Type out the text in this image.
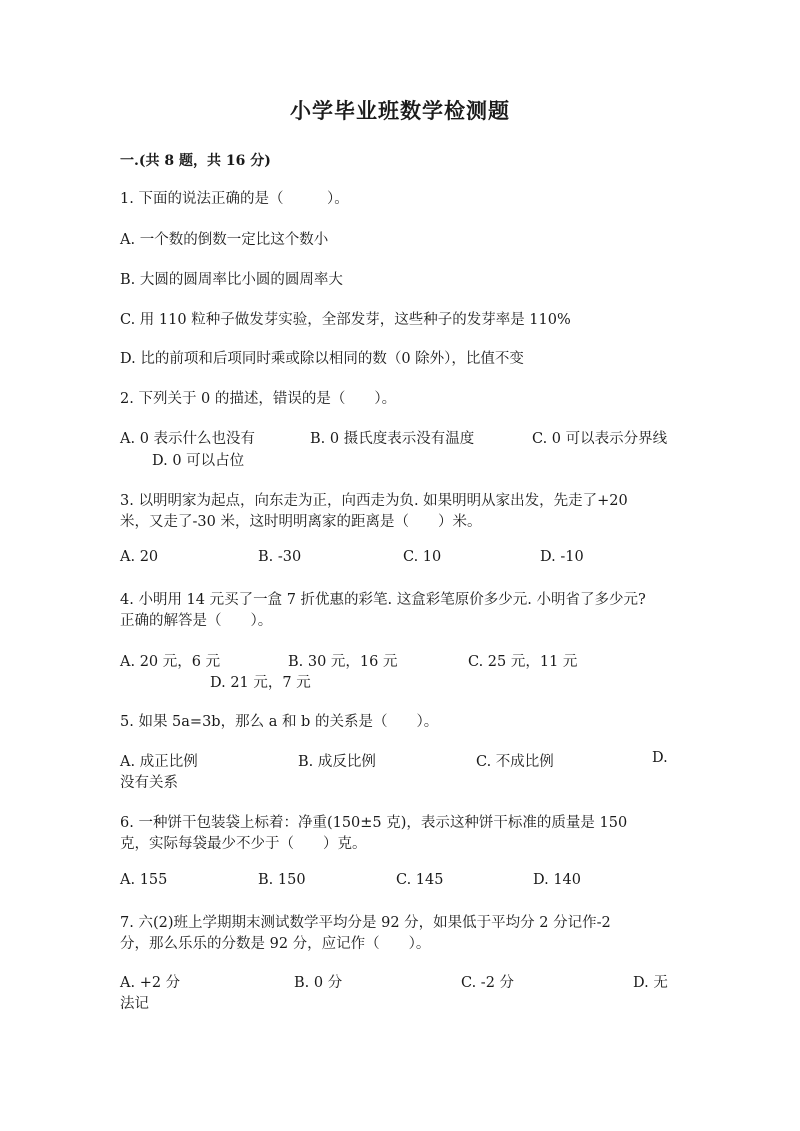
小学毕业班数学检测题
一.(共 8 题，共 16 分)
1. 下面的说法正确的是（　　　）。
A. 一个数的倒数一定比这个数小
B. 大圆的圆周率比小圆的圆周率大
C. 用 110 粒种子做发芽实验，全部发芽，这些种子的发芽率是 110%
D. 比的前项和后项同时乘或除以相同的数（0 除外），比值不变
2. 下列关于 0 的描述，错误的是（　　）。
A. 0 表示什么也没有	B. 0 摄氏度表示没有温度	C. 0 可以表示分界线
D. 0 可以占位
3. 以明明家为起点，向东走为正，向西走为负. 如果明明从家出发，先走了+20
米，又走了-30 米，这时明明离家的距离是（　　）米。
A. 20	B. -30	C. 10	D. -10
4. 小明用 14 元买了一盒 7 折优惠的彩笔. 这盒彩笔原价多少元. 小明省了多少元?
正确的解答是（　　）。
A. 20 元，6 元	B. 30 元，16 元	C. 25 元，11 元
D. 21 元，7 元
5. 如果 5a=3b，那么 a 和 b 的关系是（　　）。
A. 成正比例	B. 成反比例	C. 不成比例	D.
没有关系
6. 一种饼干包装袋上标着：净重(150±5 克)，表示这种饼干标准的质量是 150
克，实际每袋最少不少于（　　）克。
A. 155	B. 150	C. 145	D. 140
7. 六(2)班上学期期末测试数学平均分是 92 分，如果低于平均分 2 分记作-2
分，那么乐乐的分数是 92 分，应记作（　　）。
A. +2 分	B. 0 分	C. -2 分	D. 无
法记
